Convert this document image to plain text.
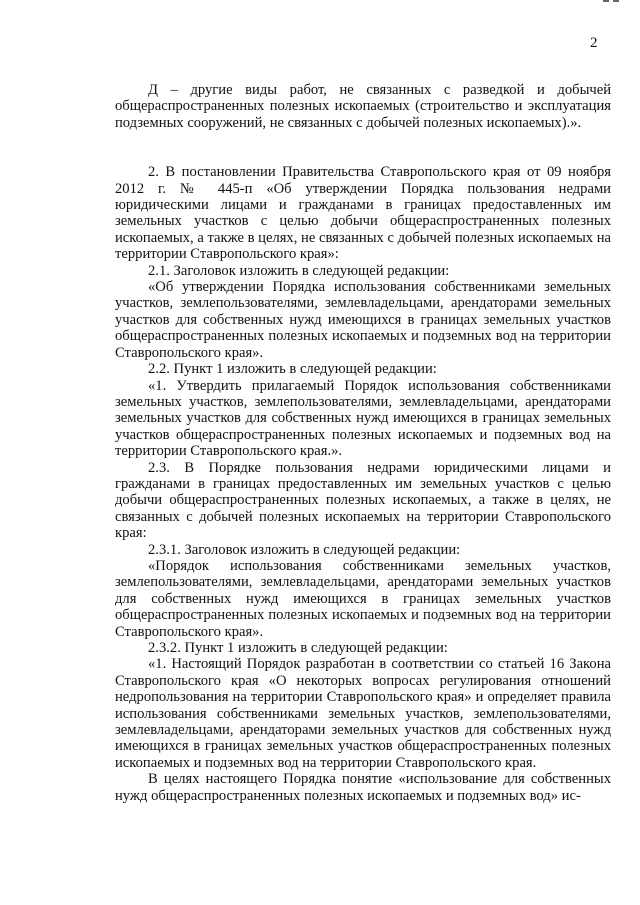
2

Д – другие виды работ, не связанных с разведкой и добычей общераспространенных полезных ископаемых (строительство и эксплуатация подземных сооружений, не связанных с добычей полезных ископаемых).».

2. В постановлении Правительства Ставропольского края от 09 ноября 2012 г. № 445-п «Об утверждении Порядка пользования недрами юридическими лицами и гражданами в границах предоставленных им земельных участков с целью добычи общераспространенных полезных ископаемых, а также в целях, не связанных с добычей полезных ископаемых на территории Ставропольского края»:

2.1. Заголовок изложить в следующей редакции:

«Об утверждении Порядка использования собственниками земельных участков, землепользователями, землевладельцами, арендаторами земельных участков для собственных нужд имеющихся в границах земельных участков общераспространенных полезных ископаемых и подземных вод на территории Ставропольского края».

2.2. Пункт 1 изложить в следующей редакции:

«1. Утвердить прилагаемый Порядок использования собственниками земельных участков, землепользователями, землевладельцами, арендаторами земельных участков для собственных нужд имеющихся в границах земельных участков общераспространенных полезных ископаемых и подземных вод на территории Ставропольского края.».

2.3. В Порядке пользования недрами юридическими лицами и гражданами в границах предоставленных им земельных участков с целью добычи общераспространенных полезных ископаемых, а также в целях, не связанных с добычей полезных ископаемых на территории Ставропольского края:

2.3.1. Заголовок изложить в следующей редакции:

«Порядок использования собственниками земельных участков, землепользователями, землевладельцами, арендаторами земельных участков для собственных нужд имеющихся в границах земельных участков общераспространенных полезных ископаемых и подземных вод на территории Ставропольского края».

2.3.2. Пункт 1 изложить в следующей редакции:

«1. Настоящий Порядок разработан в соответствии со статьей 16 Закона Ставропольского края «О некоторых вопросах регулирования отношений недропользования на территории Ставропольского края» и определяет правила использования собственниками земельных участков, землепользователями, землевладельцами, арендаторами земельных участков для собственных нужд имеющихся в границах земельных участков общераспространенных полезных ископаемых и подземных вод на территории Ставропольского края.

В целях настоящего Порядка понятие «использование для собственных нужд общераспространенных полезных ископаемых и подземных вод» ис-
